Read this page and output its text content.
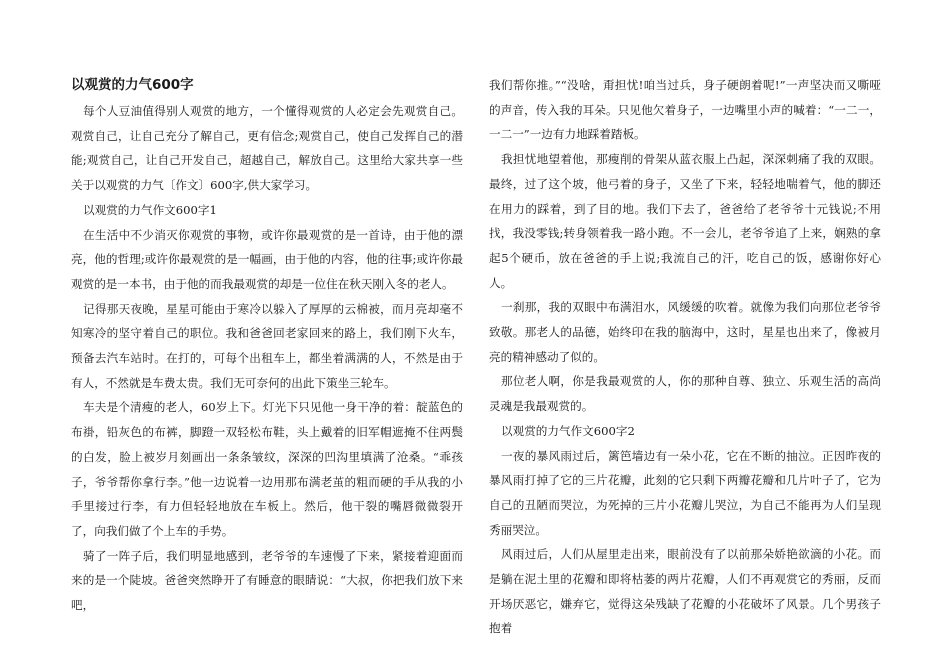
以观赏的力气600字

每个人豆油值得别人观赏的地方，一个懂得观赏的人必定会先观赏自己。观赏自己，让自己充分了解自己，更有信念;观赏自己，使自己发挥自己的潜能;观赏自己，让自己开发自己，超越自己，解放自己。这里给大家共享一些关于以观赏的力气〔作文〕600字,供大家学习。

以观赏的力气作文600字1

在生活中不少消灭你观赏的事物，或许你最观赏的是一首诗，由于他的漂亮，他的哲理;或许你最观赏的是一幅画，由于他的内容，他的往事;或许你最观赏的是一本书，由于他的而我最观赏的却是一位住在秋天刚入冬的老人。

记得那天夜晚，星星可能由于寒冷以躲入了厚厚的云棉被，而月亮却毫不知寒冷的坚守着自己的职位。我和爸爸回老家回来的路上，我们刚下火车，预备去汽车站时。在打的，可每个出租车上，都坐着满满的人，不然是由于有人，不然就是车费太贵。我们无可奈何的出此下策坐三轮车。

车夫是个清瘦的老人，60岁上下。灯光下只见他一身干净的着：靛蓝色的布褂，铅灰色的布裤，脚蹬一双轻松布鞋，头上戴着的旧军帽遮掩不住两鬓的白发，脸上被岁月刻画出一条条皱纹，深深的凹沟里填满了沧桑。“乖孩子，爷爷帮你拿行李。”他一边说着一边用那布满老茧的粗而硬的手从我的小手里接过行李，有力但轻轻地放在车板上。然后，他干裂的嘴唇微微裂开了，向我们做了个上车的手势。

骑了一阵子后，我们明显地感到，老爷爷的车速慢了下来，紧接着迎面而来的是一个陡坡。爸爸突然睁开了有睡意的眼睛说：“大叔，你把我们放下来吧，

我们帮你推。”“没啥，甭担忧!咱当过兵，身子硬朗着呢!”一声坚决而又嘶哑的声音，传入我的耳朵。只见他欠着身子，一边嘴里小声的喊着：“一二一，一二一”一边有力地踩着踏板。

我担忧地望着他，那瘦削的骨架从蓝衣服上凸起，深深刺痛了我的双眼。最终，过了这个坡，他弓着的身子，又坐了下来，轻轻地喘着气，他的脚还在用力的踩着，到了目的地。我们下去了，爸爸给了老爷爷十元钱说;不用找，我没零钱;转身领着我一路小跑。不一会儿，老爷爷追了上来，娴熟的拿起5个硬币，放在爸爸的手上说;我流自己的汗，吃自己的饭，感谢你好心人。

一刹那，我的双眼中布满泪水，风缓缓的吹着。就像为我们向那位老爷爷致敬。那老人的品德，始终印在我的脑海中，这时，星星也出来了，像被月亮的精神感动了似的。

那位老人啊，你是我最观赏的人，你的那种自尊、独立、乐观生活的高尚灵魂是我最观赏的。

以观赏的力气作文600字2

一夜的暴风雨过后，篱笆墙边有一朵小花，它在不断的抽泣。正因昨夜的暴风雨打掉了它的三片花瓣，此刻的它只剩下两瓣花瓣和几片叶子了，它为自己的丑陋而哭泣，为死掉的三片小花瓣儿哭泣，为自己不能再为人们呈现秀丽哭泣。

风雨过后，人们从屋里走出来，眼前没有了以前那朵娇艳欲滴的小花。而是躺在泥土里的花瓣和即将枯萎的两片花瓣，人们不再观赏它的秀丽，反而开场厌恶它，嫌弃它，觉得这朵残缺了花瓣的小花破坏了风景。几个男孩子抱着
